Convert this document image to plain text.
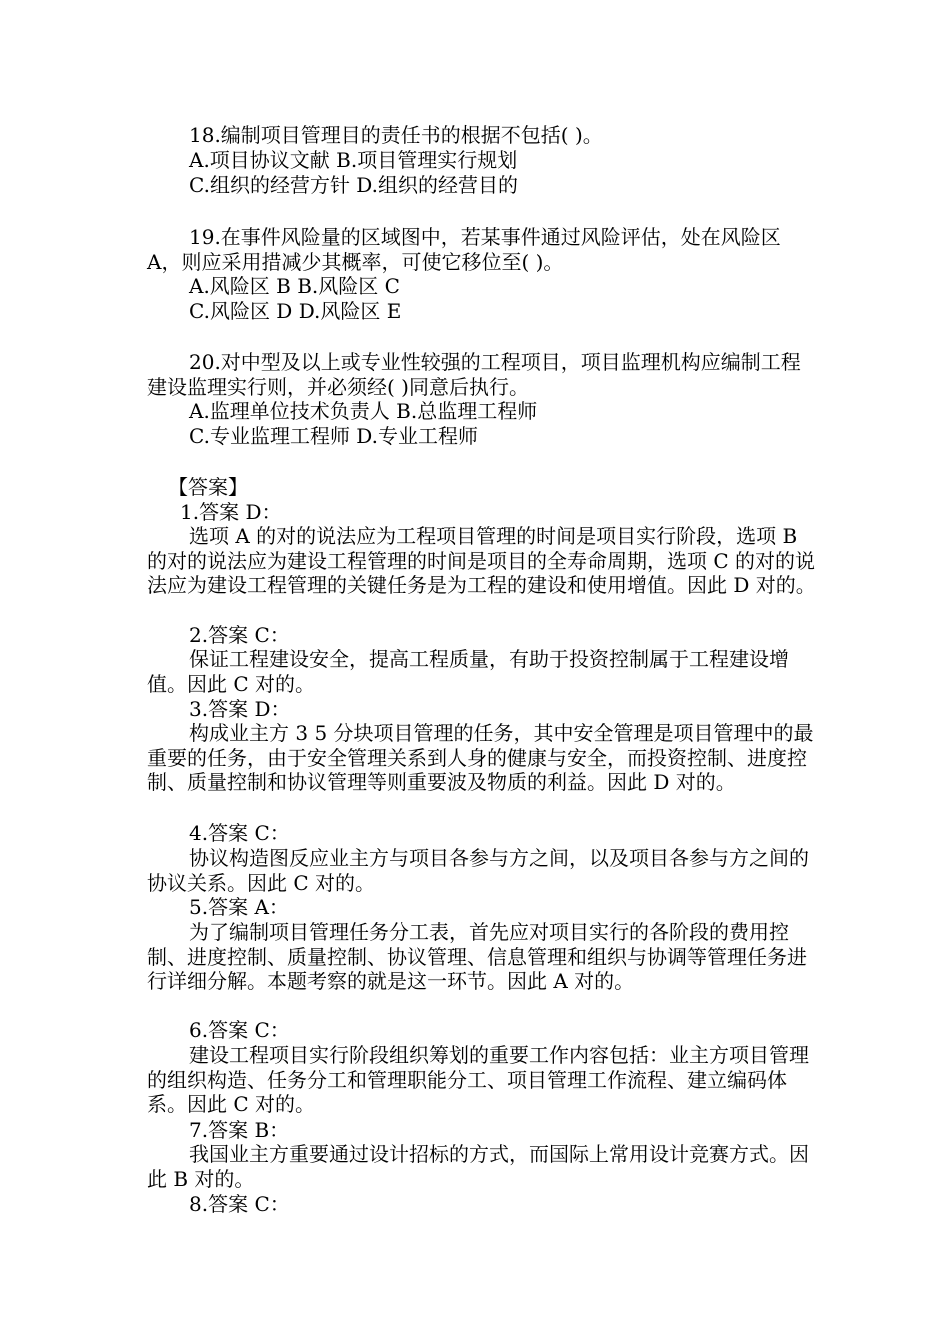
18.编制项目管理目的责任书的根据不包括( )。
A.项目协议文献 B.项目管理实行规划
C.组织的经营方针 D.组织的经营目的
19.在事件风险量的区域图中，若某事件通过风险评估，处在风险区 A，则应采用措减少其概率，可使它移位至( )。
A.风险区 B B.风险区 C
C.风险区 D D.风险区 E
20.对中型及以上或专业性较强的工程项目，项目监理机构应编制工程建设监理实行则，并必须经( )同意后执行。
A.监理单位技术负责人 B.总监理工程师
C.专业监理工程师 D.专业工程师
【答案】
1.答案 D：
选项 A 的对的说法应为工程项目管理的时间是项目实行阶段，选项 B 的对的说法应为建设工程管理的时间是项目的全寿命周期，选项 C 的对的说法应为建设工程管理的关键任务是为工程的建设和使用增值。因此 D 对的。
2.答案 C：
保证工程建设安全，提高工程质量，有助于投资控制属于工程建设增值。因此 C 对的。
3.答案 D：
构成业主方 3 5 分块项目管理的任务，其中安全管理是项目管理中的最重要的任务，由于安全管理关系到人身的健康与安全，而投资控制、进度控制、质量控制和协议管理等则重要波及物质的利益。因此 D 对的。
4.答案 C：
协议构造图反应业主方与项目各参与方之间，以及项目各参与方之间的协议关系。因此 C 对的。
5.答案 A：
为了编制项目管理任务分工表，首先应对项目实行的各阶段的费用控制、进度控制、质量控制、协议管理、信息管理和组织与协调等管理任务进行详细分解。本题考察的就是这一环节。因此 A 对的。
6.答案 C：
建设工程项目实行阶段组织筹划的重要工作内容包括：业主方项目管理的组织构造、任务分工和管理职能分工、项目管理工作流程、建立编码体系。因此 C 对的。
7.答案 B：
我国业主方重要通过设计招标的方式，而国际上常用设计竞赛方式。因此 B 对的。
8.答案 C：
